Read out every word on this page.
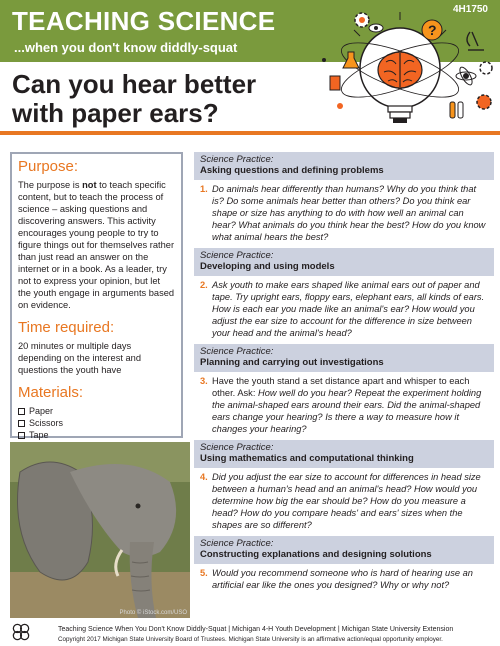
TEACHING SCIENCE
...when you don't know diddly-squat
4H1750
Can you hear better
with paper ears?
?
Purpose:
The purpose is not to teach specific content, but to teach the process of science – asking questions and discovering answers. This activity encourages young people to try to figure things out for themselves rather than just read an answer on the internet or in a book. As a leader, try not to express your opinion, but let the youth engage in arguments based on evidence.
Time required:
20 minutes or multiple days depending on the interest and questions the youth have
Materials:
Paper
Scissors
Tape
Photo © iStock.com/USO
Science Practice:
Asking questions and defining problems
1. Do animals hear differently than humans? Why do you think that is? Do some animals hear better than others? Do you think ear shape or size has anything to do with how well an animal can hear? What animals do you think hear the best? How do you know what animal hears the best?
Science Practice:
Developing and using models
2. Ask youth to make ears shaped like animal ears out of paper and tape. Try upright ears, floppy ears, elephant ears, all kinds of ears. How is each ear you made like an animal's ear? How would you adjust the ear size to account for the difference in size between your head and the animal's head?
Science Practice:
Planning and carrying out investigations
3. Have the youth stand a set distance apart and whisper to each other. Ask: How well do you hear? Repeat the experiment holding the animal-shaped ears around their ears. Did the animal-shaped ears change your hearing? Is there a way to measure how it changes your hearing?
Science Practice:
Using mathematics and computational thinking
4. Did you adjust the ear size to account for differences in head size between a human's head and an animal's head? How would you determine how big the ear should be? How do you measure a head? How do you compare heads' and ears' sizes when the shapes are so different?
Science Practice:
Constructing explanations and designing solutions
5. Would you recommend someone who is hard of hearing use an artificial ear like the ones you designed? Why or why not?
Teaching Science When You Don't Know Diddly-Squat | Michigan 4-H Youth Development | Michigan State University Extension
Copyright 2017 Michigan State University Board of Trustees. Michigan State University is an affirmative action/equal opportunity employer.
